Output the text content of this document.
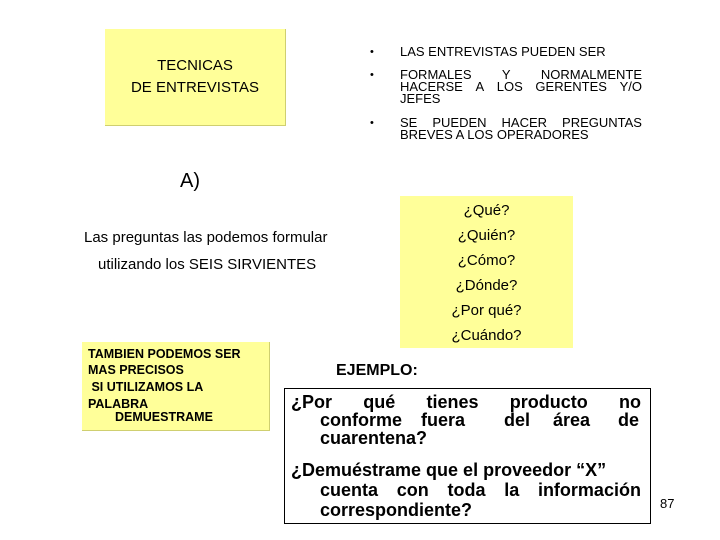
TECNICAS
DE ENTREVISTAS
• LAS ENTREVISTAS PUEDEN SER
• FORMALES Y NORMALMENTE
HACERSE A LOS GERENTES Y/O
JEFES
• SE PUEDEN HACER PREGUNTAS
BREVES A LOS OPERADORES
A)
Las preguntas las podemos formular
utilizando los SEIS SIRVIENTES
¿Qué?
¿Quién?
¿Cómo?
¿Dónde?
¿Por qué?
¿Cuándo?
TAMBIEN PODEMOS SER
MAS PRECISOS
SI UTILIZAMOS LA
PALABRA
DEMUESTRAME
EJEMPLO:
¿Por qué tienes producto no
conforme fuera del área de
cuarentena?
¿Demuéstrame que el proveedor “X”
cuenta con toda la información
correspondiente?	87
